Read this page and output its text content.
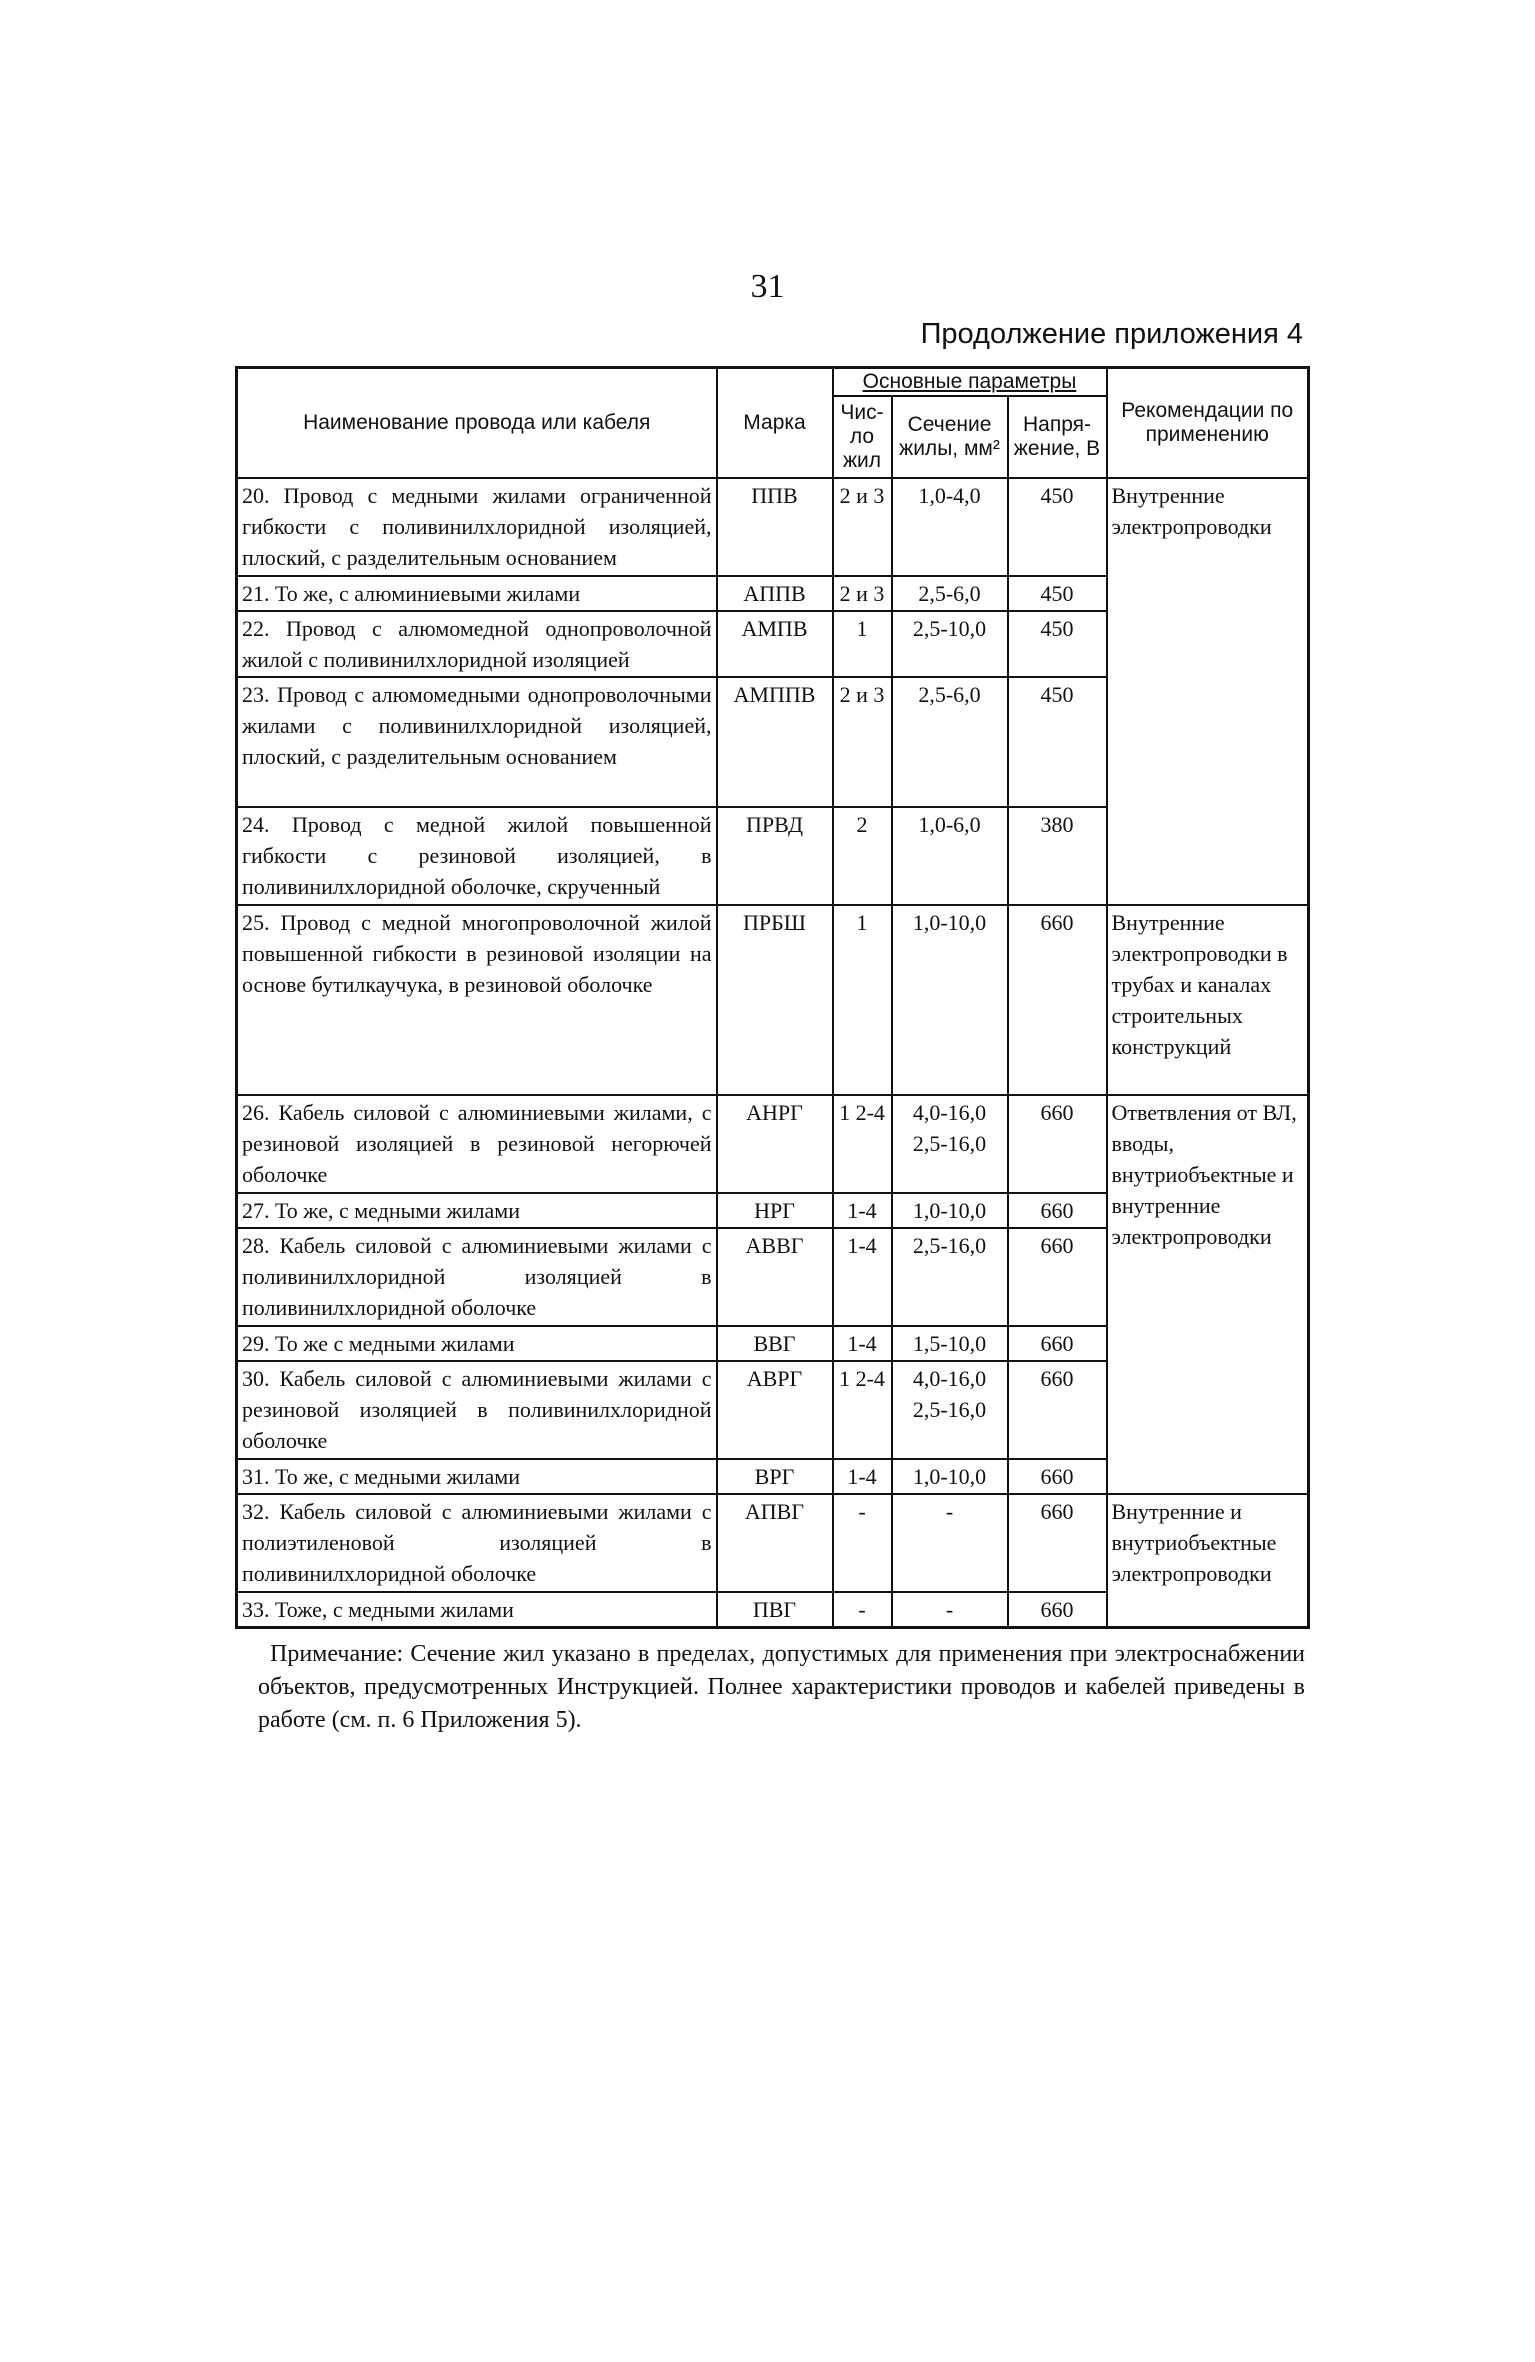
31
Продолжение приложения 4
Наименование провода или кабеля	Марка	Основные параметры			Рекомендации по применению
		Чис-ло жил	Сечение жилы, мм²	Напря-жение, В	
20. Провод с медными жилами ограниченной гибкости с поливинилхлоридной изоляцией, плоский, с разделительным основанием	ППВ	2 и 3	1,0-4,0	450	Внутренние электропроводки
21. То же, с алюминиевыми жилами	АППВ	2 и 3	2,5-6,0	450	
22. Провод с алюмомедной однопроволочной жилой с поливинилхлоридной изоляцией	АМПВ	1	2,5-10,0	450	
23. Провод с алюмомедными однопроволочными жилами с поливинилхлоридной изоляцией, плоский, с разделительным основанием	АМППВ	2 и 3	2,5-6,0	450	
24. Провод с медной жилой повышенной гибкости с резиновой изоляцией, в поливинилхлоридной оболочке, скрученный	ПРВД	2	1,0-6,0	380	
25. Провод с медной многопроволочной жилой повышенной гибкости в резиновой изоляции на основе бутилкаучука, в резиновой оболочке	ПРБШ	1	1,0-10,0	660	Внутренние электропроводки в трубах и каналах строительных конструкций
26. Кабель силовой с алюминиевыми жилами, с резиновой изоляцией в резиновой негорючей оболочке	АНРГ	1 2-4	4,0-16,0 2,5-16,0	660	Ответвления от ВЛ, вводы, внутриобъектные и внутренние электропроводки
27. То же, с медными жилами	НРГ	1-4	1,0-10,0	660	
28. Кабель силовой с алюминиевыми жилами с поливинилхлоридной изоляцией в поливинилхлоридной оболочке	АВВГ	1-4	2,5-16,0	660	
29. То же с медными жилами	ВВГ	1-4	1,5-10,0	660	
30. Кабель силовой с алюминиевыми жилами с резиновой изоляцией в поливинилхлоридной оболочке	АВРГ	1 2-4	4,0-16,0 2,5-16,0	660	
31. То же, с медными жилами	ВРГ	1-4	1,0-10,0	660	
32. Кабель силовой с алюминиевыми жилами с полиэтиленовой изоляцией в поливинилхлоридной оболочке	АПВГ	-	-	660	Внутренние и внутриобъектные электропроводки
33. Тоже, с медными жилами	ПВГ	-	-	660	
Примечание: Сечение жил указано в пределах, допустимых для применения при электроснабжении объектов, предусмотренных Инструкцией. Полнее характеристики проводов и кабелей приведены в работе (см. п. 6 Приложения 5).
